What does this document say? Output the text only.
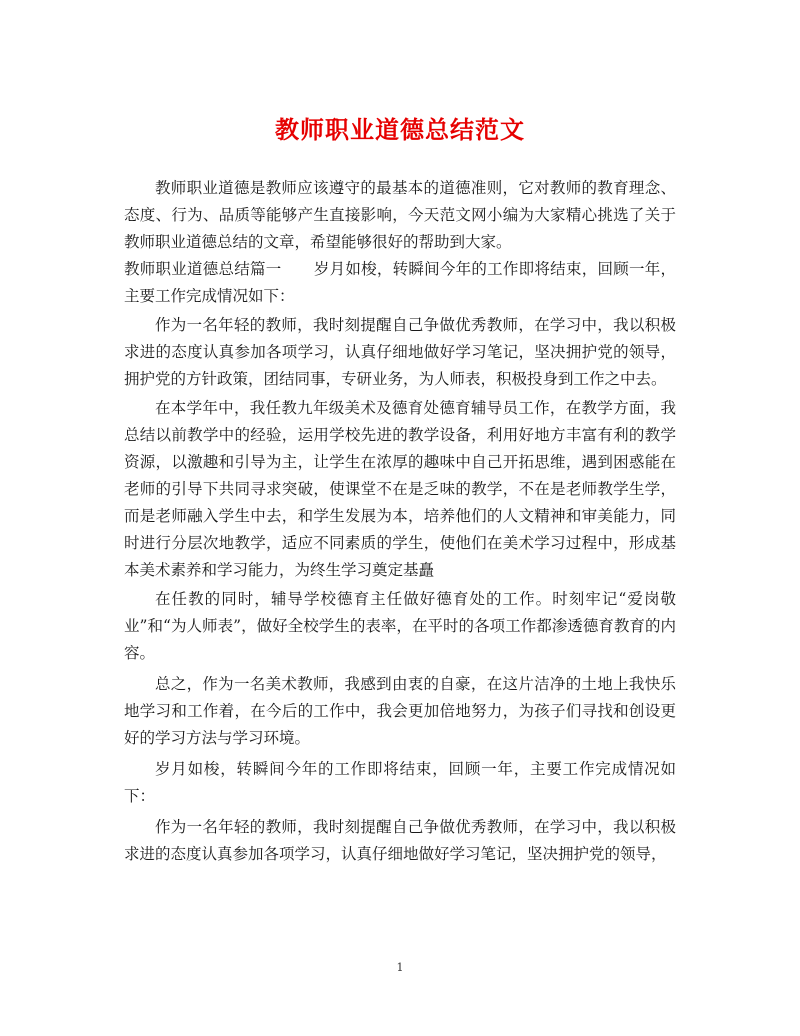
教师职业道德总结范文

教师职业道德是教师应该遵守的最基本的道德准则，它对教师的教育理念、态度、行为、品质等能够产生直接影响，今天范文网小编为大家精心挑选了关于教师职业道德总结的文章，希望能够很好的帮助到大家。

教师职业道德总结篇一 岁月如梭，转瞬间今年的工作即将结束，回顾一年，主要工作完成情况如下：

作为一名年轻的教师，我时刻提醒自己争做优秀教师，在学习中，我以积极求进的态度认真参加各项学习，认真仔细地做好学习笔记，坚决拥护党的领导，拥护党的方针政策，团结同事，专研业务，为人师表，积极投身到工作之中去。

在本学年中，我任教九年级美术及德育处德育辅导员工作，在教学方面，我总结以前教学中的经验，运用学校先进的教学设备，利用好地方丰富有利的教学资源，以激趣和引导为主，让学生在浓厚的趣味中自己开拓思维，遇到困惑能在老师的引导下共同寻求突破，使课堂不在是乏味的教学，不在是老师教学生学，而是老师融入学生中去，和学生发展为本，培养他们的人文精神和审美能力，同时进行分层次地教学，适应不同素质的学生，使他们在美术学习过程中，形成基本美术素养和学习能力，为终生学习奠定基矗

在任教的同时，辅导学校德育主任做好德育处的工作。时刻牢记“爱岗敬业”和“为人师表”，做好全校学生的表率，在平时的各项工作都渗透德育教育的内容。

总之，作为一名美术教师，我感到由衷的自豪，在这片洁净的土地上我快乐地学习和工作着，在今后的工作中，我会更加倍地努力，为孩子们寻找和创设更好的学习方法与学习环境。

岁月如梭，转瞬间今年的工作即将结束，回顾一年，主要工作完成情况如下：

作为一名年轻的教师，我时刻提醒自己争做优秀教师，在学习中，我以积极求进的态度认真参加各项学习，认真仔细地做好学习笔记，坚决拥护党的领导，

1
